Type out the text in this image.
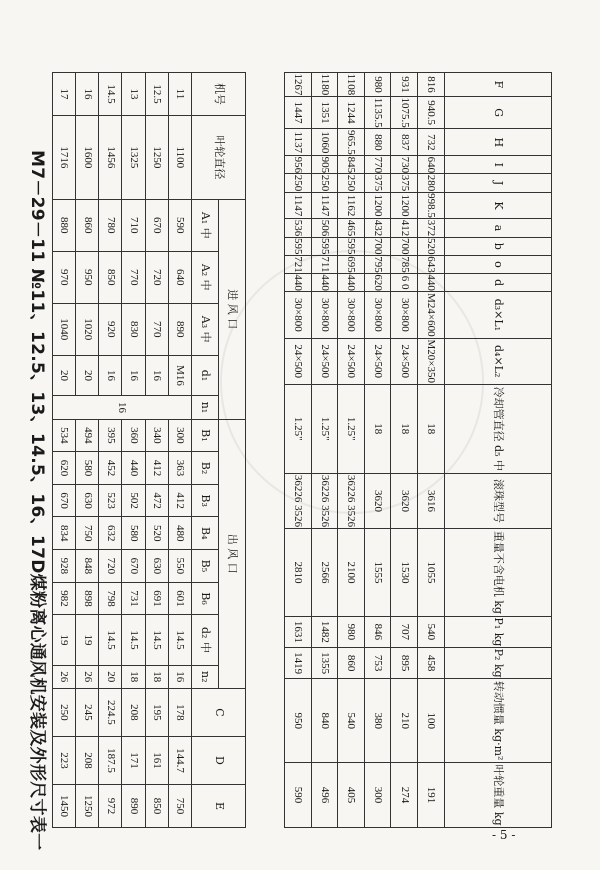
M7－29－11 №11、12.5、13、14.5、16、17D煤粉离心通风机安装及外形尺寸表一
机号	叶轮直径	进 风 口					出 风 口								C	D	E
		A₁ 中	A₂ 中	A₃ 中	d₁	n₁	B₁	B₂	B₃	B₄	B₅	B₆	d₂ 中	n₂			

11	1100	590	640	890	M16	16	300	363	412	480	550	601	14.5	16	178	144.7	750
12.5	1250	670	720	770	16		340	412	472	520	630	691	14.5	18	195	161	850
13	1325	710	770	830	16		360	440	502	580	670	731	14.5	18	208	171	890
14.5	1456	780	850	920	16		395	452	523	632	720	798	14.5	20	224.5	187.5	972
16	1600	860	950	1020	20		494	580	630	750	848	898	19	26	245	208	1250
17	1716	880	970	1040	20		534	620	670	834	928	982	19	26	250	223	1450
F	G	H	I	J	K	a	b	o	d	d₃×L₁	d₄×L₂	冷却管直径 d₅ 中	滚珠型号	重量不含电机 kg	P₁ kg	P₂ kg	转动惯量 kg·m²	叶轮重量 kg
816	940.5	732	640	280	998.5	372	520	643	440	M24×600	M20×350	18	3616	1055	540	458	100	191
931	1075.5	837	730	375	1200	412	700	785	6 0	30×800	24×500	18	3620	1530	707	895	210	274
980	1135.5	880	770	375	1200	432	700	795	620	30×800	24×500	18	3620	1555	846	753	380	300
1108	1244	965.5	845	250	1162	465	595	695	440	30×800	24×500	1.25"	36226 3526	2100	980	860	540	405
1180	1351	1060	905	250	1147	506	595	711	440	30×800	24×500	1.25"	36226 3526	2566	1482	1355	840	496
1267	1447	1137	956	250	1147	536	595	721	440	30×800	24×500	1.25"	36226 3526	2810	1631	1419	950	590
- 5 -
